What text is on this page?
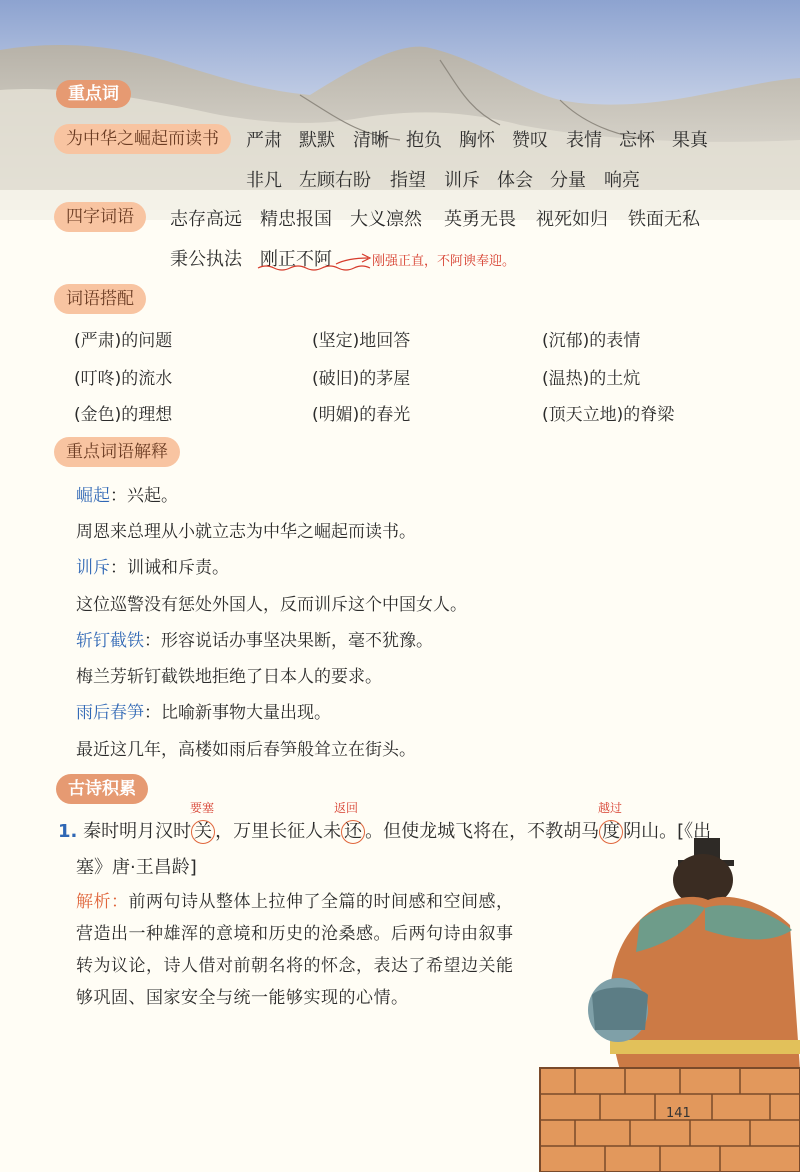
重点词
为中华之崛起而读书	严肃 默默 清晰 抱负 胸怀 赞叹 表情 忘怀 果真
非凡 左顾右盼 指望 训斥 体会 分量 响亮
四字词语	志存高远 精忠报国 大义凛然 英勇无畏 视死如归 铁面无私
秉公执法 刚正不阿	刚强正直，不阿谀奉迎。
词语搭配
(严肃)的问题	(坚定)地回答	(沉郁)的表情
(叮咚)的流水	(破旧)的茅屋	(温热)的土炕
(金色)的理想	(明媚)的春光	(顶天立地)的脊梁
重点词语解释
崛起：兴起。
周恩来总理从小就立志为中华之崛起而读书。
训斥：训诫和斥责。
这位巡警没有惩处外国人，反而训斥这个中国女人。
斩钉截铁：形容说话办事坚决果断，毫不犹豫。
梅兰芳斩钉截铁地拒绝了日本人的要求。
雨后春笋：比喻新事物大量出现。
最近这几年，高楼如雨后春笋般耸立在街头。
古诗积累
要塞	返回	越过
1. 秦时明月汉时 关 ，万里长征人未 还 。但使龙城飞将在，不教胡马 度 阴山。[《出
塞》唐·王昌龄]
解析：前两句诗从整体上拉伸了全篇的时间感和空间感，营造出一种雄浑的意境和历史的沧桑感。后两句诗由叙事转为议论，诗人借对前朝名将的怀念，表达了希望边关能够巩固、国家安全与统一能够实现的心情。
141
